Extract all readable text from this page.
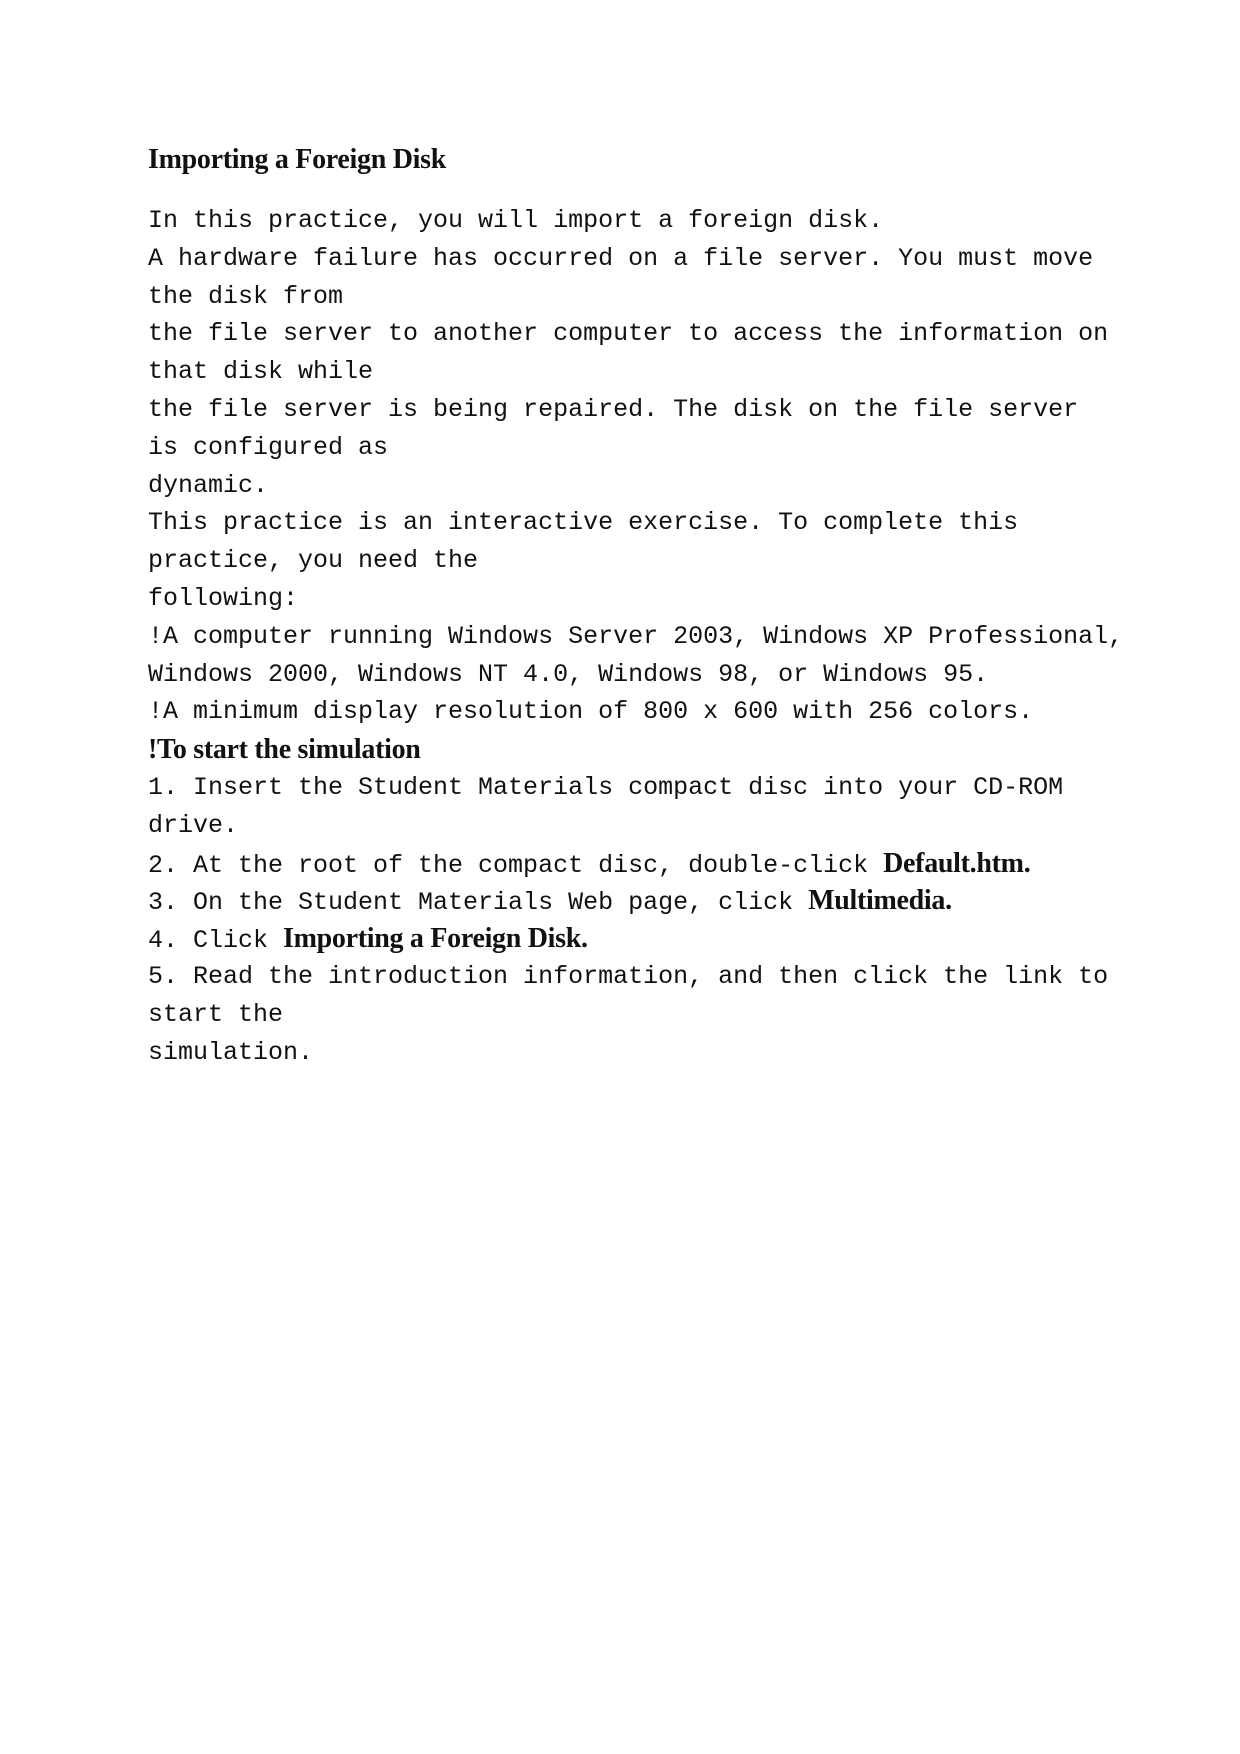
Importing a Foreign Disk
In this practice, you will import a foreign disk.
A hardware failure has occurred on a file server. You must move
the disk from
the file server to another computer to access the information on
that disk while
the file server is being repaired. The disk on the file server
is configured as
dynamic.
This practice is an interactive exercise. To complete this
practice, you need the
following:
!A computer running Windows Server 2003, Windows XP Professional,
Windows 2000, Windows NT 4.0, Windows 98, or Windows 95.
!A minimum display resolution of 800 x 600 with 256 colors.
!To start the simulation
1. Insert the Student Materials compact disc into your CD-ROM
drive.
2. At the root of the compact disc, double-click Default.htm.
3. On the Student Materials Web page, click Multimedia.
4. Click Importing a Foreign Disk.
5. Read the introduction information, and then click the link to
start the
simulation.
